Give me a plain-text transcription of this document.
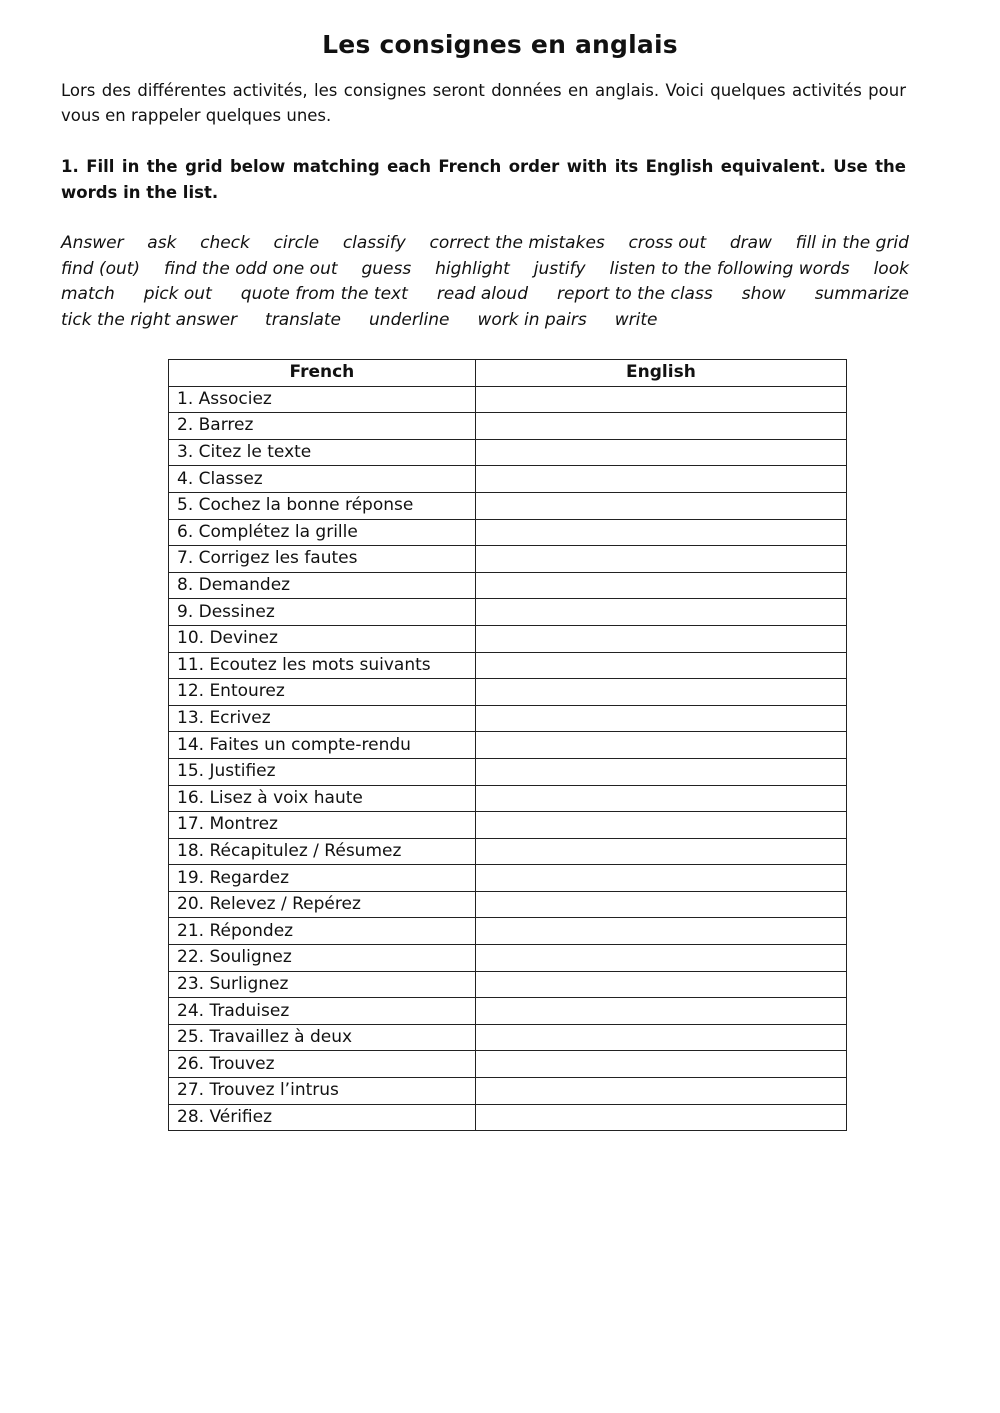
Les consignes en anglais
Lors des différentes activités, les consignes seront données en anglais. Voici quelques activités pour vous en rappeler quelques unes.
1. Fill in the grid below matching each French order with its English equivalent. Use the words in the list.
Answer ask check circle classify correct the mistakes cross out draw fill in the grid
find (out) find the odd one out guess highlight justify listen to the following words look
match pick out quote from the text read aloud report to the class show summarize
tick the right answer translate underline work in pairs write
French	English
1. Associez	
2. Barrez	
3. Citez le texte	
4. Classez	
5. Cochez la bonne réponse	
6. Complétez la grille	
7. Corrigez les fautes	
8. Demandez	
9. Dessinez	
10. Devinez	
11. Ecoutez les mots suivants	
12. Entourez	
13. Ecrivez	
14. Faites un compte-rendu	
15. Justifiez	
16. Lisez à voix haute	
17. Montrez	
18. Récapitulez / Résumez	
19. Regardez	
20. Relevez / Repérez	
21. Répondez	
22. Soulignez	
23. Surlignez	
24. Traduisez	
25. Travaillez à deux	
26. Trouvez	
27. Trouvez l’intrus	
28. Vérifiez	
